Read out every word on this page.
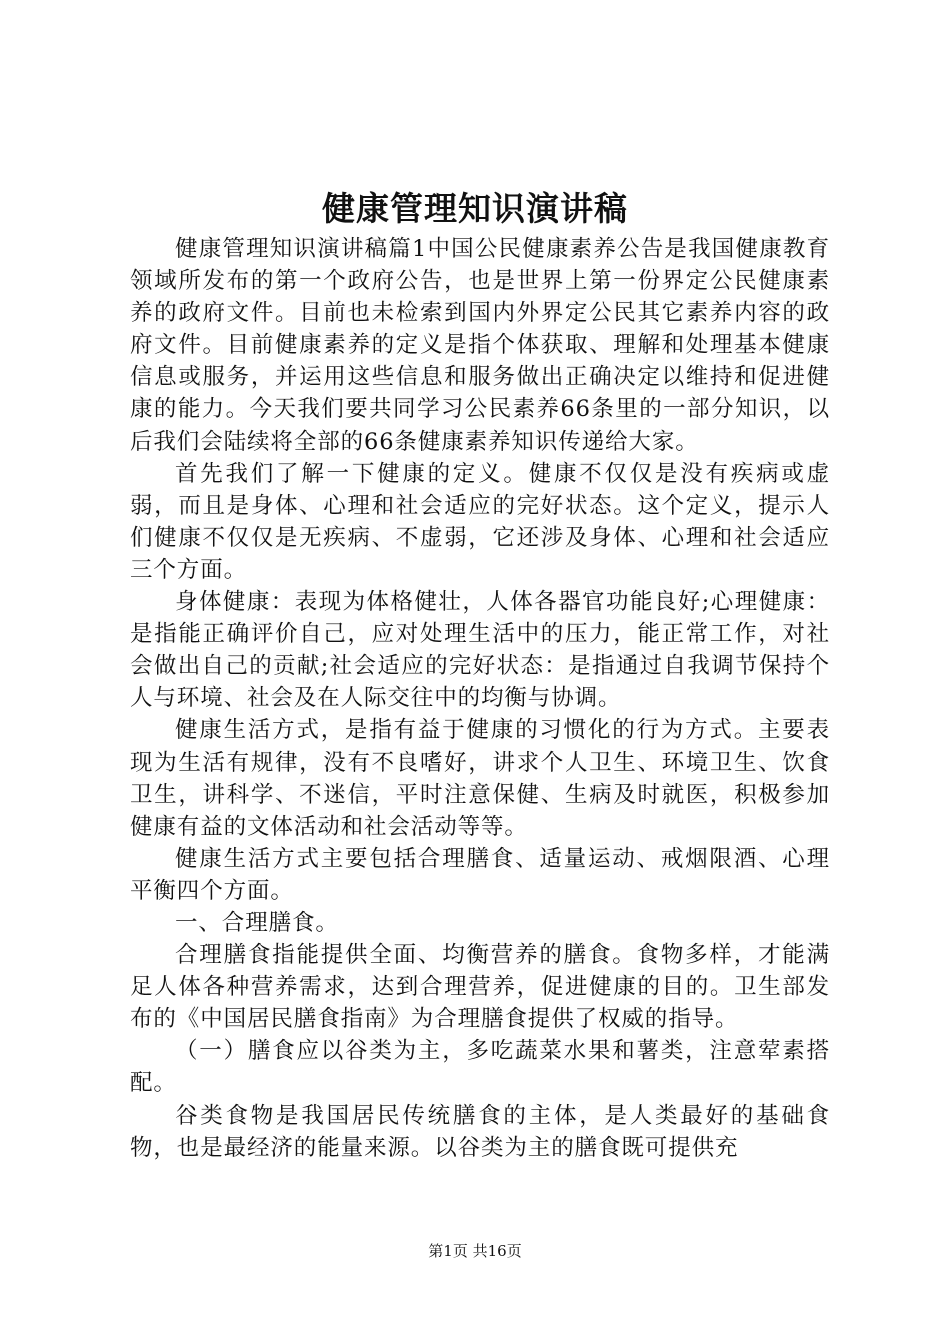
健康管理知识演讲稿

健康管理知识演讲稿篇1中国公民健康素养公告是我国健康教育领域所发布的第一个政府公告，也是世界上第一份界定公民健康素养的政府文件。目前也未检索到国内外界定公民其它素养内容的政府文件。目前健康素养的定义是指个体获取、理解和处理基本健康信息或服务，并运用这些信息和服务做出正确决定以维持和促进健康的能力。今天我们要共同学习公民素养66条里的一部分知识，以后我们会陆续将全部的66条健康素养知识传递给大家。

首先我们了解一下健康的定义。健康不仅仅是没有疾病或虚弱，而且是身体、心理和社会适应的完好状态。这个定义，提示人们健康不仅仅是无疾病、不虚弱，它还涉及身体、心理和社会适应三个方面。

身体健康：表现为体格健壮，人体各器官功能良好;心理健康：是指能正确评价自己，应对处理生活中的压力，能正常工作，对社会做出自己的贡献;社会适应的完好状态：是指通过自我调节保持个人与环境、社会及在人际交往中的均衡与协调。

健康生活方式，是指有益于健康的习惯化的行为方式。主要表现为生活有规律，没有不良嗜好，讲求个人卫生、环境卫生、饮食卫生，讲科学、不迷信，平时注意保健、生病及时就医，积极参加健康有益的文体活动和社会活动等等。

健康生活方式主要包括合理膳食、适量运动、戒烟限酒、心理平衡四个方面。

一、合理膳食。

合理膳食指能提供全面、均衡营养的膳食。食物多样，才能满足人体各种营养需求，达到合理营养，促进健康的目的。卫生部发布的《中国居民膳食指南》为合理膳食提供了权威的指导。

（一）膳食应以谷类为主，多吃蔬菜水果和薯类，注意荤素搭配。

谷类食物是我国居民传统膳食的主体，是人类最好的基础食物，也是最经济的能量来源。以谷类为主的膳食既可提供充

第1页 共16页
